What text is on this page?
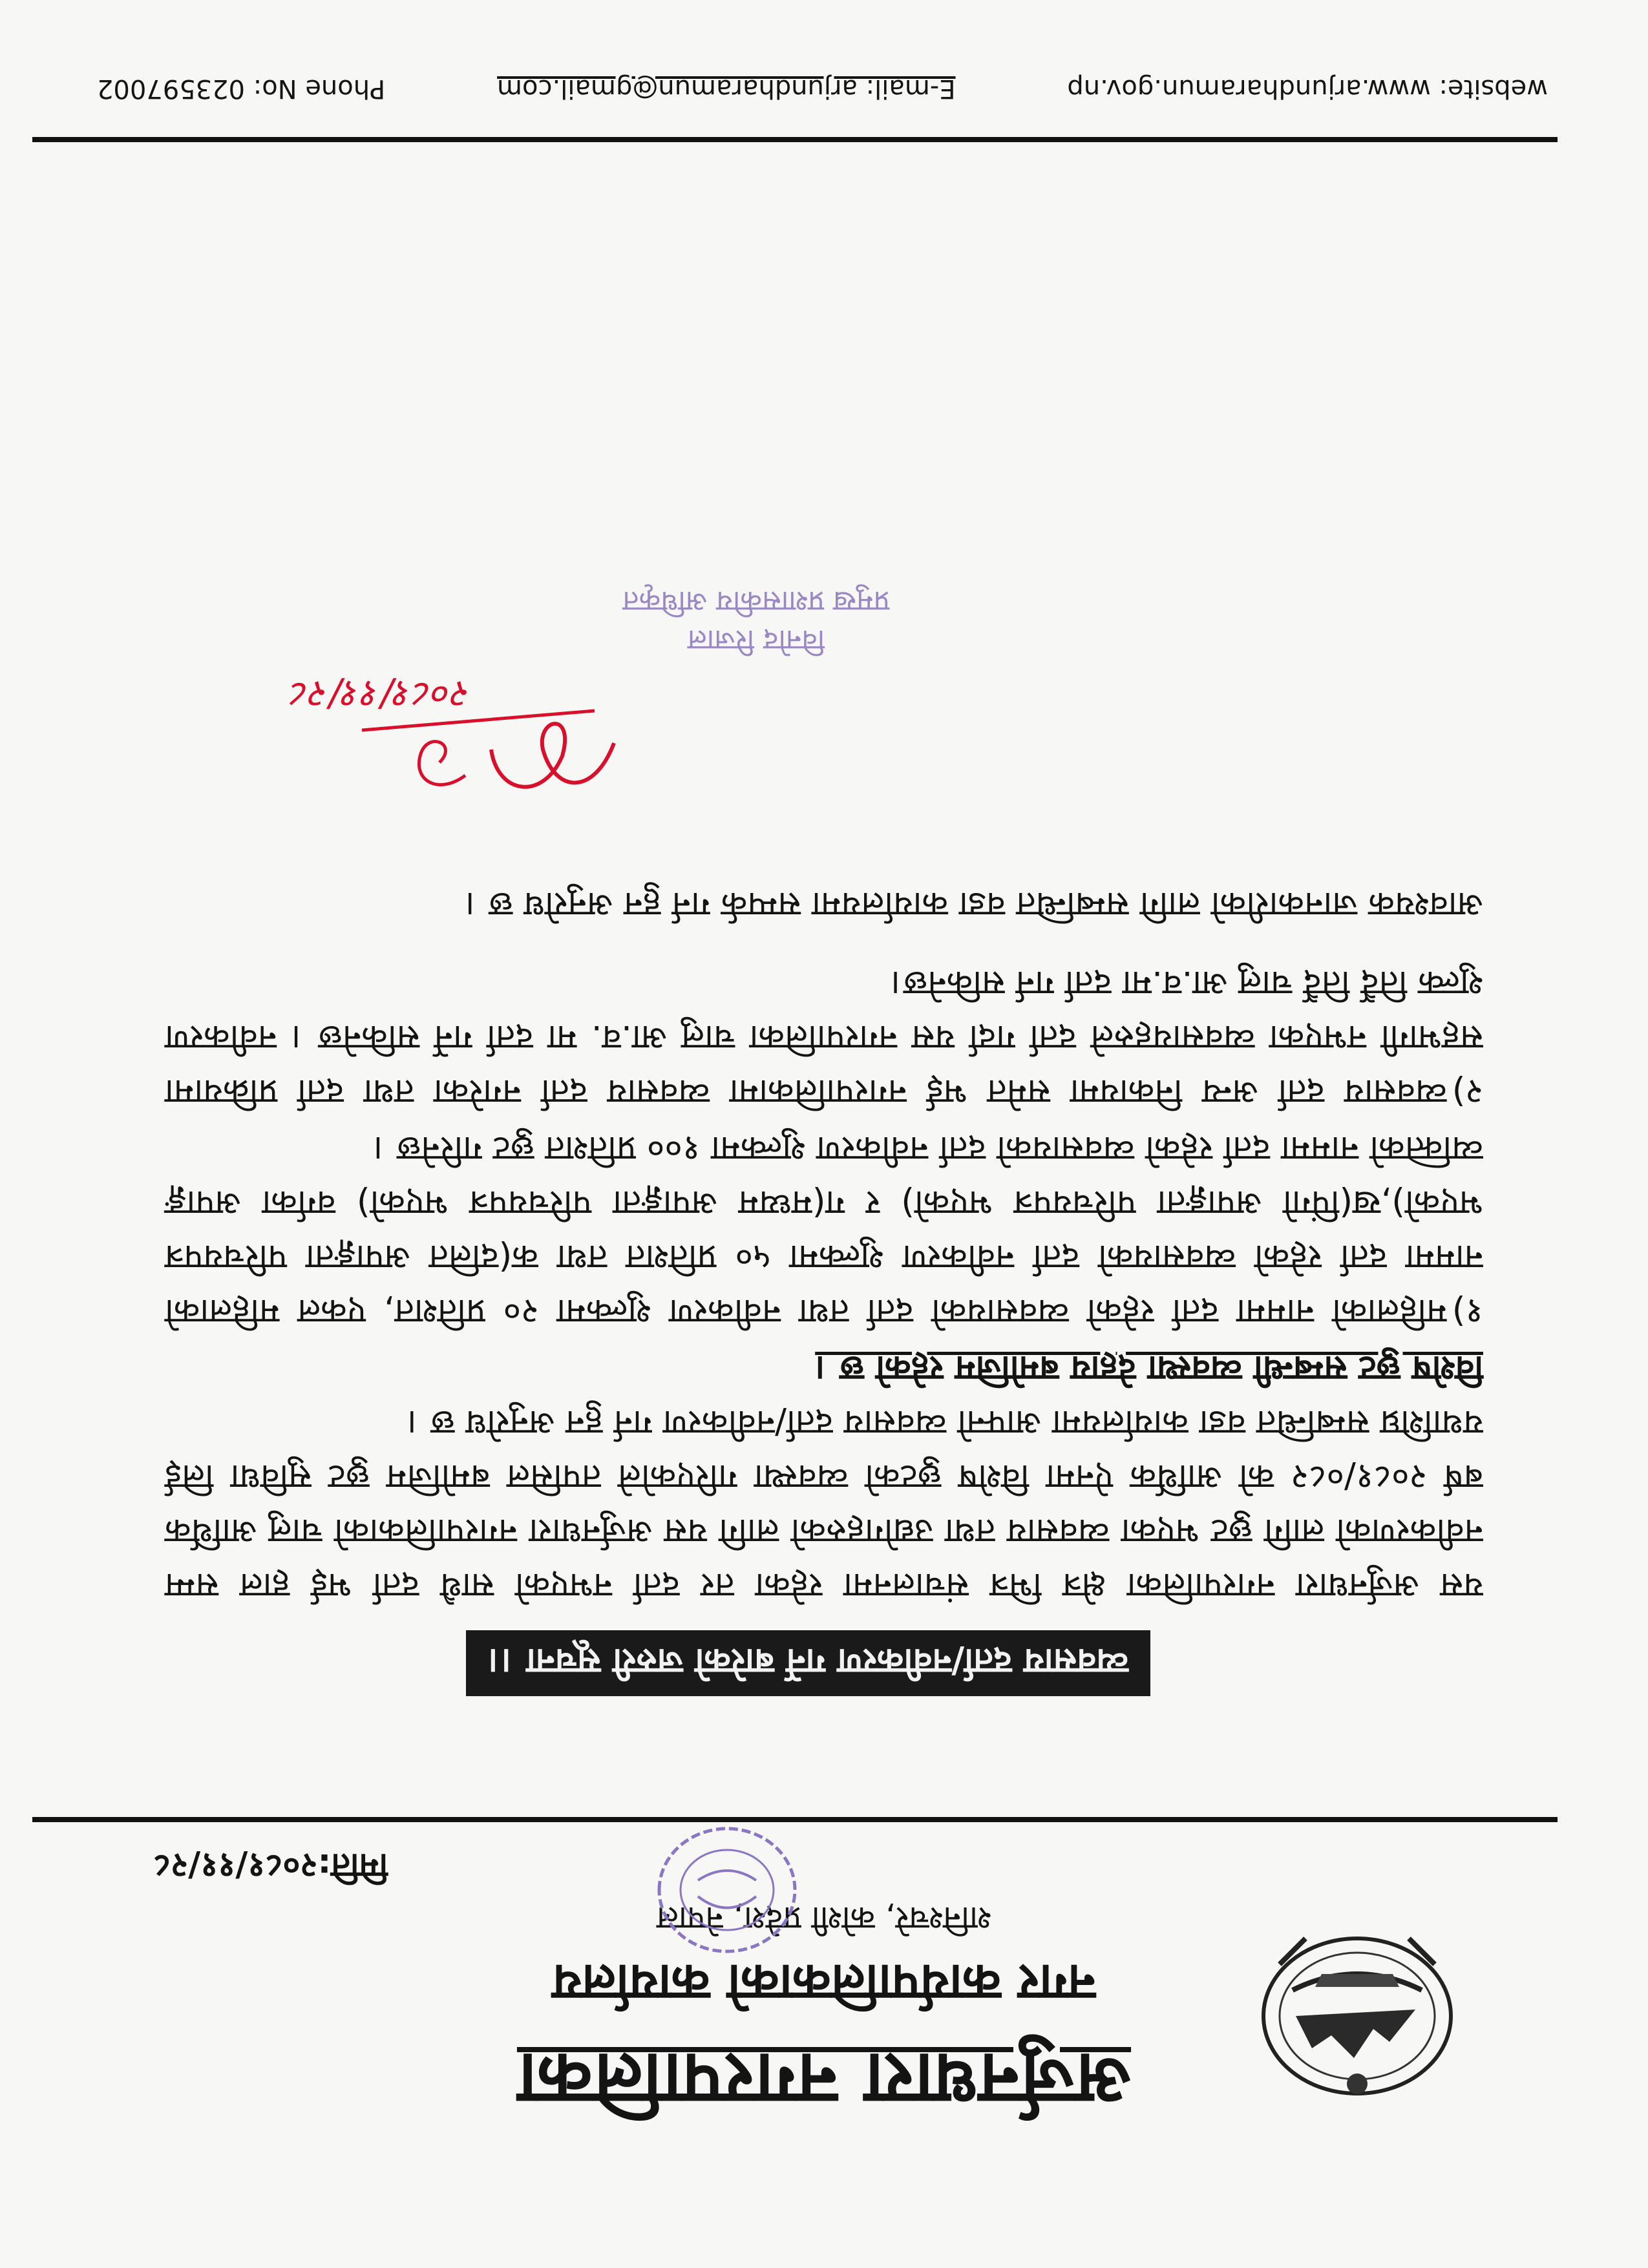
अर्जुनधारा नगरपालिका
नगर कार्यपालिकाको कार्यालय
शनिश्चरे, कोशी प्रदेश, नेपाल
मिति:२०८१/११/२८
व्यवसाय दर्ता/नवीकरण गर्ने बारेको जरुरी सूचना ।।

यस अर्जुनधारा नगरपालिका क्षेत्र भित्र संचालनमा रहेका तर दर्ता नभएको साथै दर्ता भई हाल सम्म नवीकरणको लागि छुट भएका व्यवसाय तथा उद्योगहरुको लागि यस अर्जुनधारा नगरपालिकाको चालु आर्थिक बर्ष २०८१/०८२ को आर्थिक ऐनमा विशेष छुटको व्यवस्था गरिएकोले तपसिल बमोजिम छुट सुविधा लिई यथाशिघ्र सम्बन्धित वडा कार्यालयमा आफ्नो व्यवसाय दर्ता/नवीकरण गर्न हुन अनुरोध छ ।

विशेष छुट सम्बन्धी व्यवस्था देहाय बमोजिम रहेको छ ।

१)महिलाको नाममा दर्ता रहेको व्यवसायको दर्ता तथा नवीकरण शुल्कमा २० प्रतिशत, एकल महिलाको नाममा दर्ता रहेको व्यवसायको दर्ता नवीकरण शुल्कमा ५० प्रतिशत तथा क(दलित अपाङ्गता परिचयपत्र भएको),ख(पिंगो अपाङ्गता परिचयपत्र भएको) र ग(मध्यम अपाङ्गता परिचयपत्र भएको) वर्गका अपाङ्ग व्यक्तिको नाममा दर्ता रहेको व्यवसायको दर्ता नवीकरण शुल्कमा १०० प्रतिशत छुट गरिनेछ ।

२)व्यवसाय दर्ता अन्य निकायमा समेत भई नगरपालिकामा व्यवसाय दर्ता नगरेका तथा दर्ता प्रक्रियामा सहभागी नभएका व्यवसायहरुले दर्ता गर्दा यस नगरपालिका चालु आ.व. मा दर्ता गर्ने सकिनेछ । नवीकरण शुल्क तिर्दै तिर्दै चालु आ.व.मा दर्ता गर्न सकिनेछ।

आवश्यक जानकारीको लागि सम्बन्धित वडा कार्यालयमा सम्पर्क गर्न हुन अनुरोध छ ।

२०८१/११/२८
विनोद रिजाल
प्रमुख प्रशासकीय अधिकृत
website: www.arjundharamun.gov.np
E-mail: arjundharamun@gmail.com
Phone No: 023597002
